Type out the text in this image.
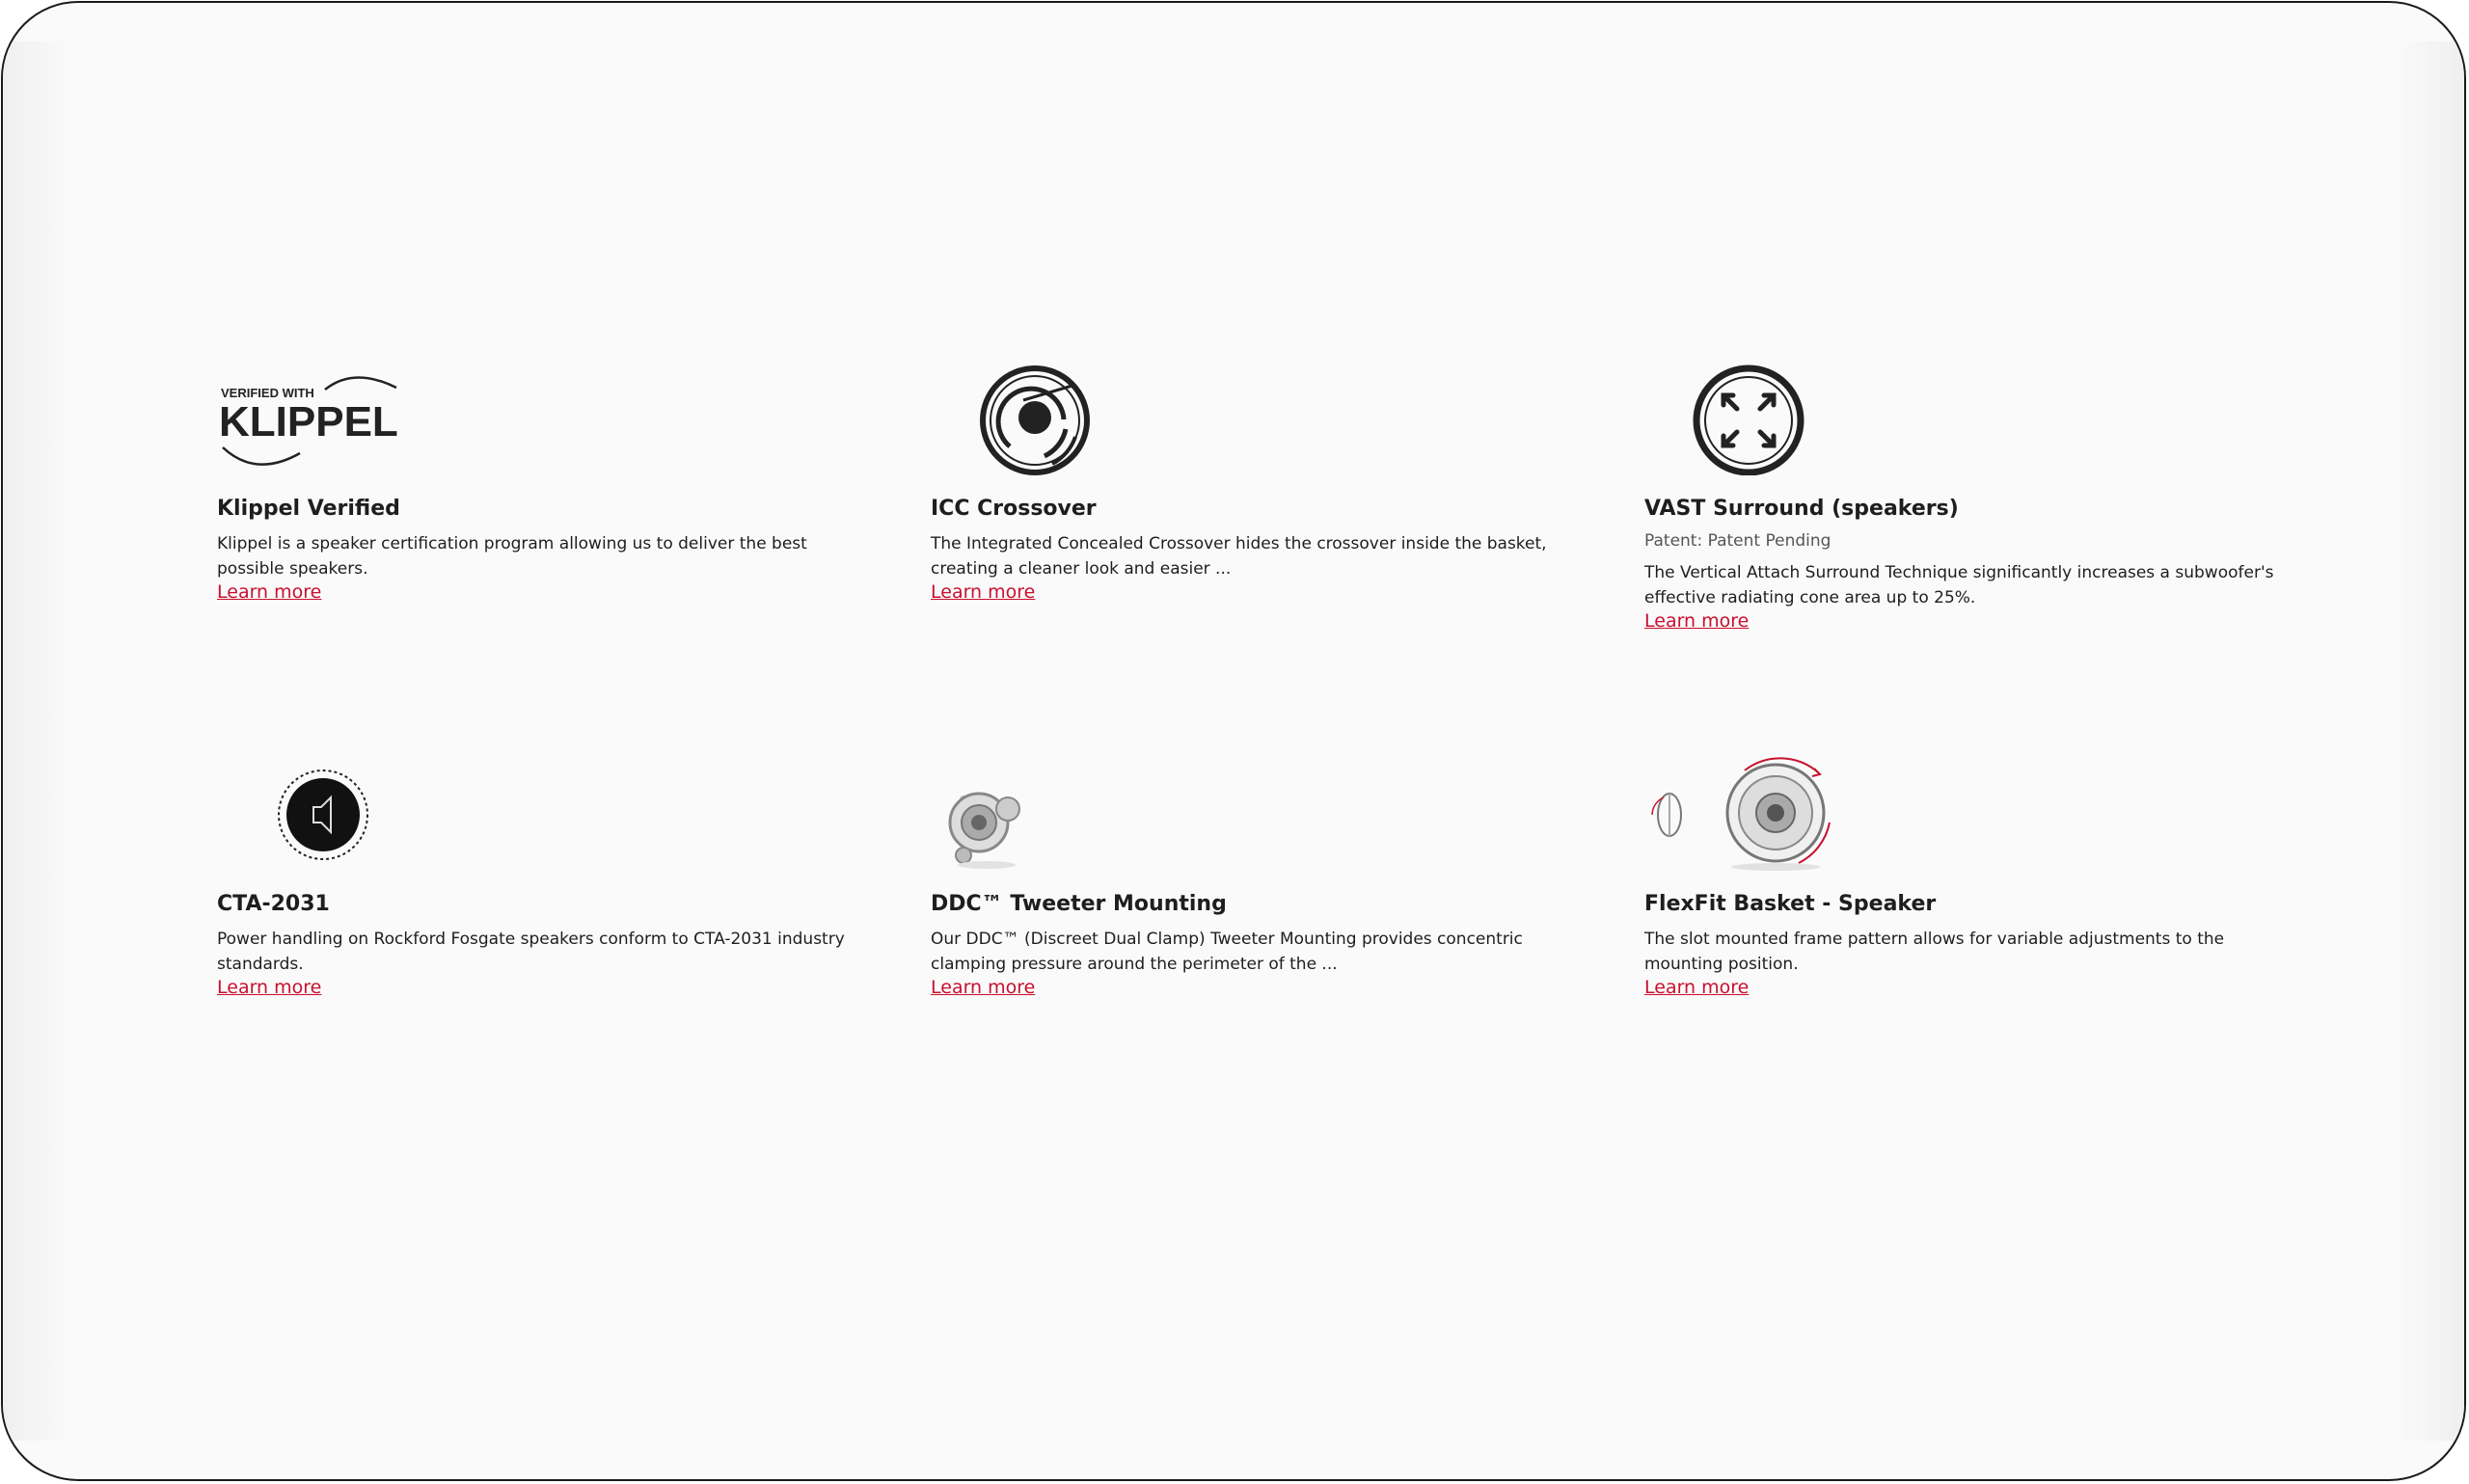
VERIFIED WITH
KLIPPEL
Klippel Verified
Klippel is a speaker certification program allowing us to deliver the best possible speakers.
Learn more
ICC Crossover
The Integrated Concealed Crossover hides the crossover inside the basket, creating a cleaner look and easier ...
Learn more
VAST Surround (speakers)
Patent: Patent Pending
The Vertical Attach Surround Technique significantly increases a subwoofer's effective radiating cone area up to 25%.
Learn more
CTA-2031
Power handling on Rockford Fosgate speakers conform to CTA-2031 industry standards.
Learn more
DDC™ Tweeter Mounting
Our DDC™ (Discreet Dual Clamp) Tweeter Mounting provides concentric clamping pressure around the perimeter of the ...
Learn more
FlexFit Basket - Speaker
The slot mounted frame pattern allows for variable adjustments to the mounting position.
Learn more
